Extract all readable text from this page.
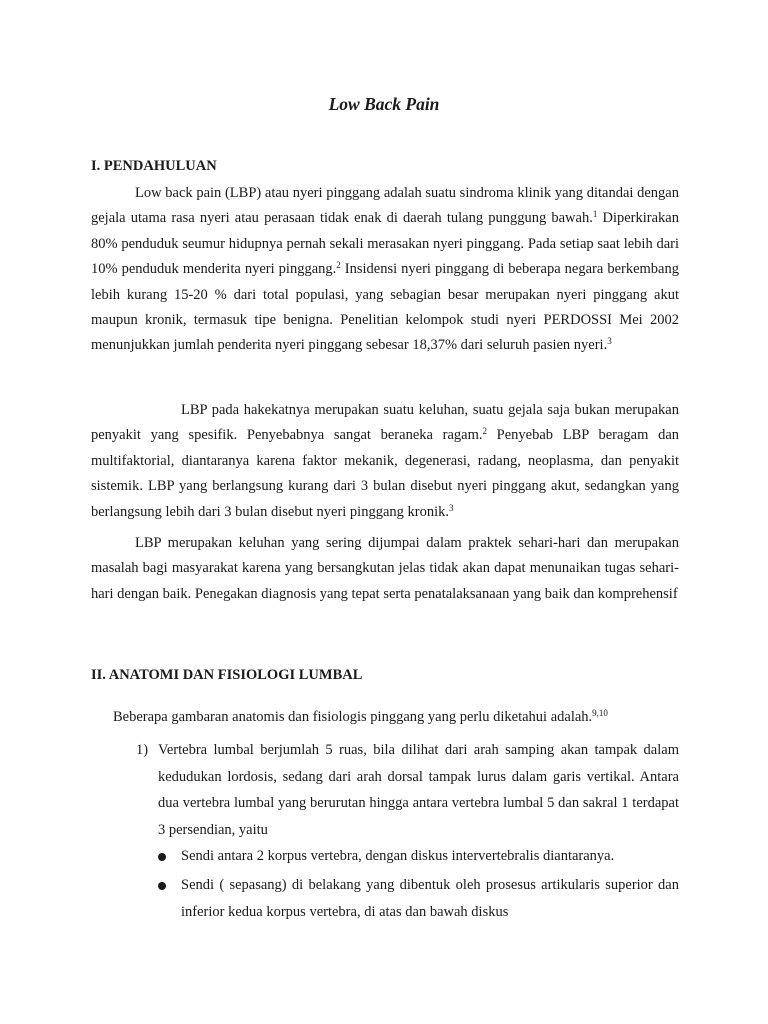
Low Back Pain
I. PENDAHULUAN
Low back pain (LBP) atau nyeri pinggang adalah suatu sindroma klinik yang ditandai dengan gejala utama rasa nyeri atau perasaan tidak enak di daerah tulang punggung bawah.$^1$ Diperkirakan 80% penduduk seumur hidupnya pernah sekali merasakan nyeri pinggang. Pada setiap saat lebih dari 10% penduduk menderita nyeri pinggang.$^2$ Insidensi nyeri pinggang di beberapa negara berkembang lebih kurang 15-20 % dari total populasi, yang sebagian besar merupakan nyeri pinggang akut maupun kronik, termasuk tipe benigna. Penelitian kelompok studi nyeri PERDOSSI Mei 2002 menunjukkan jumlah penderita nyeri pinggang sebesar 18,37% dari seluruh pasien nyeri.$^3$
LBP pada hakekatnya merupakan suatu keluhan, suatu gejala saja bukan merupakan penyakit yang spesifik. Penyebabnya sangat beraneka ragam.$^2$ Penyebab LBP beragam dan multifaktorial, diantaranya karena faktor mekanik, degenerasi, radang, neoplasma, dan penyakit sistemik. LBP yang berlangsung kurang dari 3 bulan disebut nyeri pinggang akut, sedangkan yang berlangsung lebih dari 3 bulan disebut nyeri pinggang kronik.$^3$
LBP merupakan keluhan yang sering dijumpai dalam praktek sehari-hari dan merupakan masalah bagi masyarakat karena yang bersangkutan jelas tidak akan dapat menunaikan tugas sehari-hari dengan baik. Penegakan diagnosis yang tepat serta penatalaksanaan yang baik dan komprehensif
II. ANATOMI DAN FISIOLOGI LUMBAL
Beberapa gambaran anatomis dan fisiologis pinggang yang perlu diketahui adalah.$^{9,10}$
1) Vertebra lumbal berjumlah 5 ruas, bila dilihat dari arah samping akan tampak dalam kedudukan lordosis, sedang dari arah dorsal tampak lurus dalam garis vertikal. Antara dua vertebra lumbal yang berurutan hingga antara vertebra lumbal 5 dan sakral 1 terdapat 3 persendian, yaitu
Sendi antara 2 korpus vertebra, dengan diskus intervertebralis diantaranya.
Sendi ( sepasang) di belakang yang dibentuk oleh prosesus artikularis superior dan inferior kedua korpus vertebra, di atas dan bawah diskus
